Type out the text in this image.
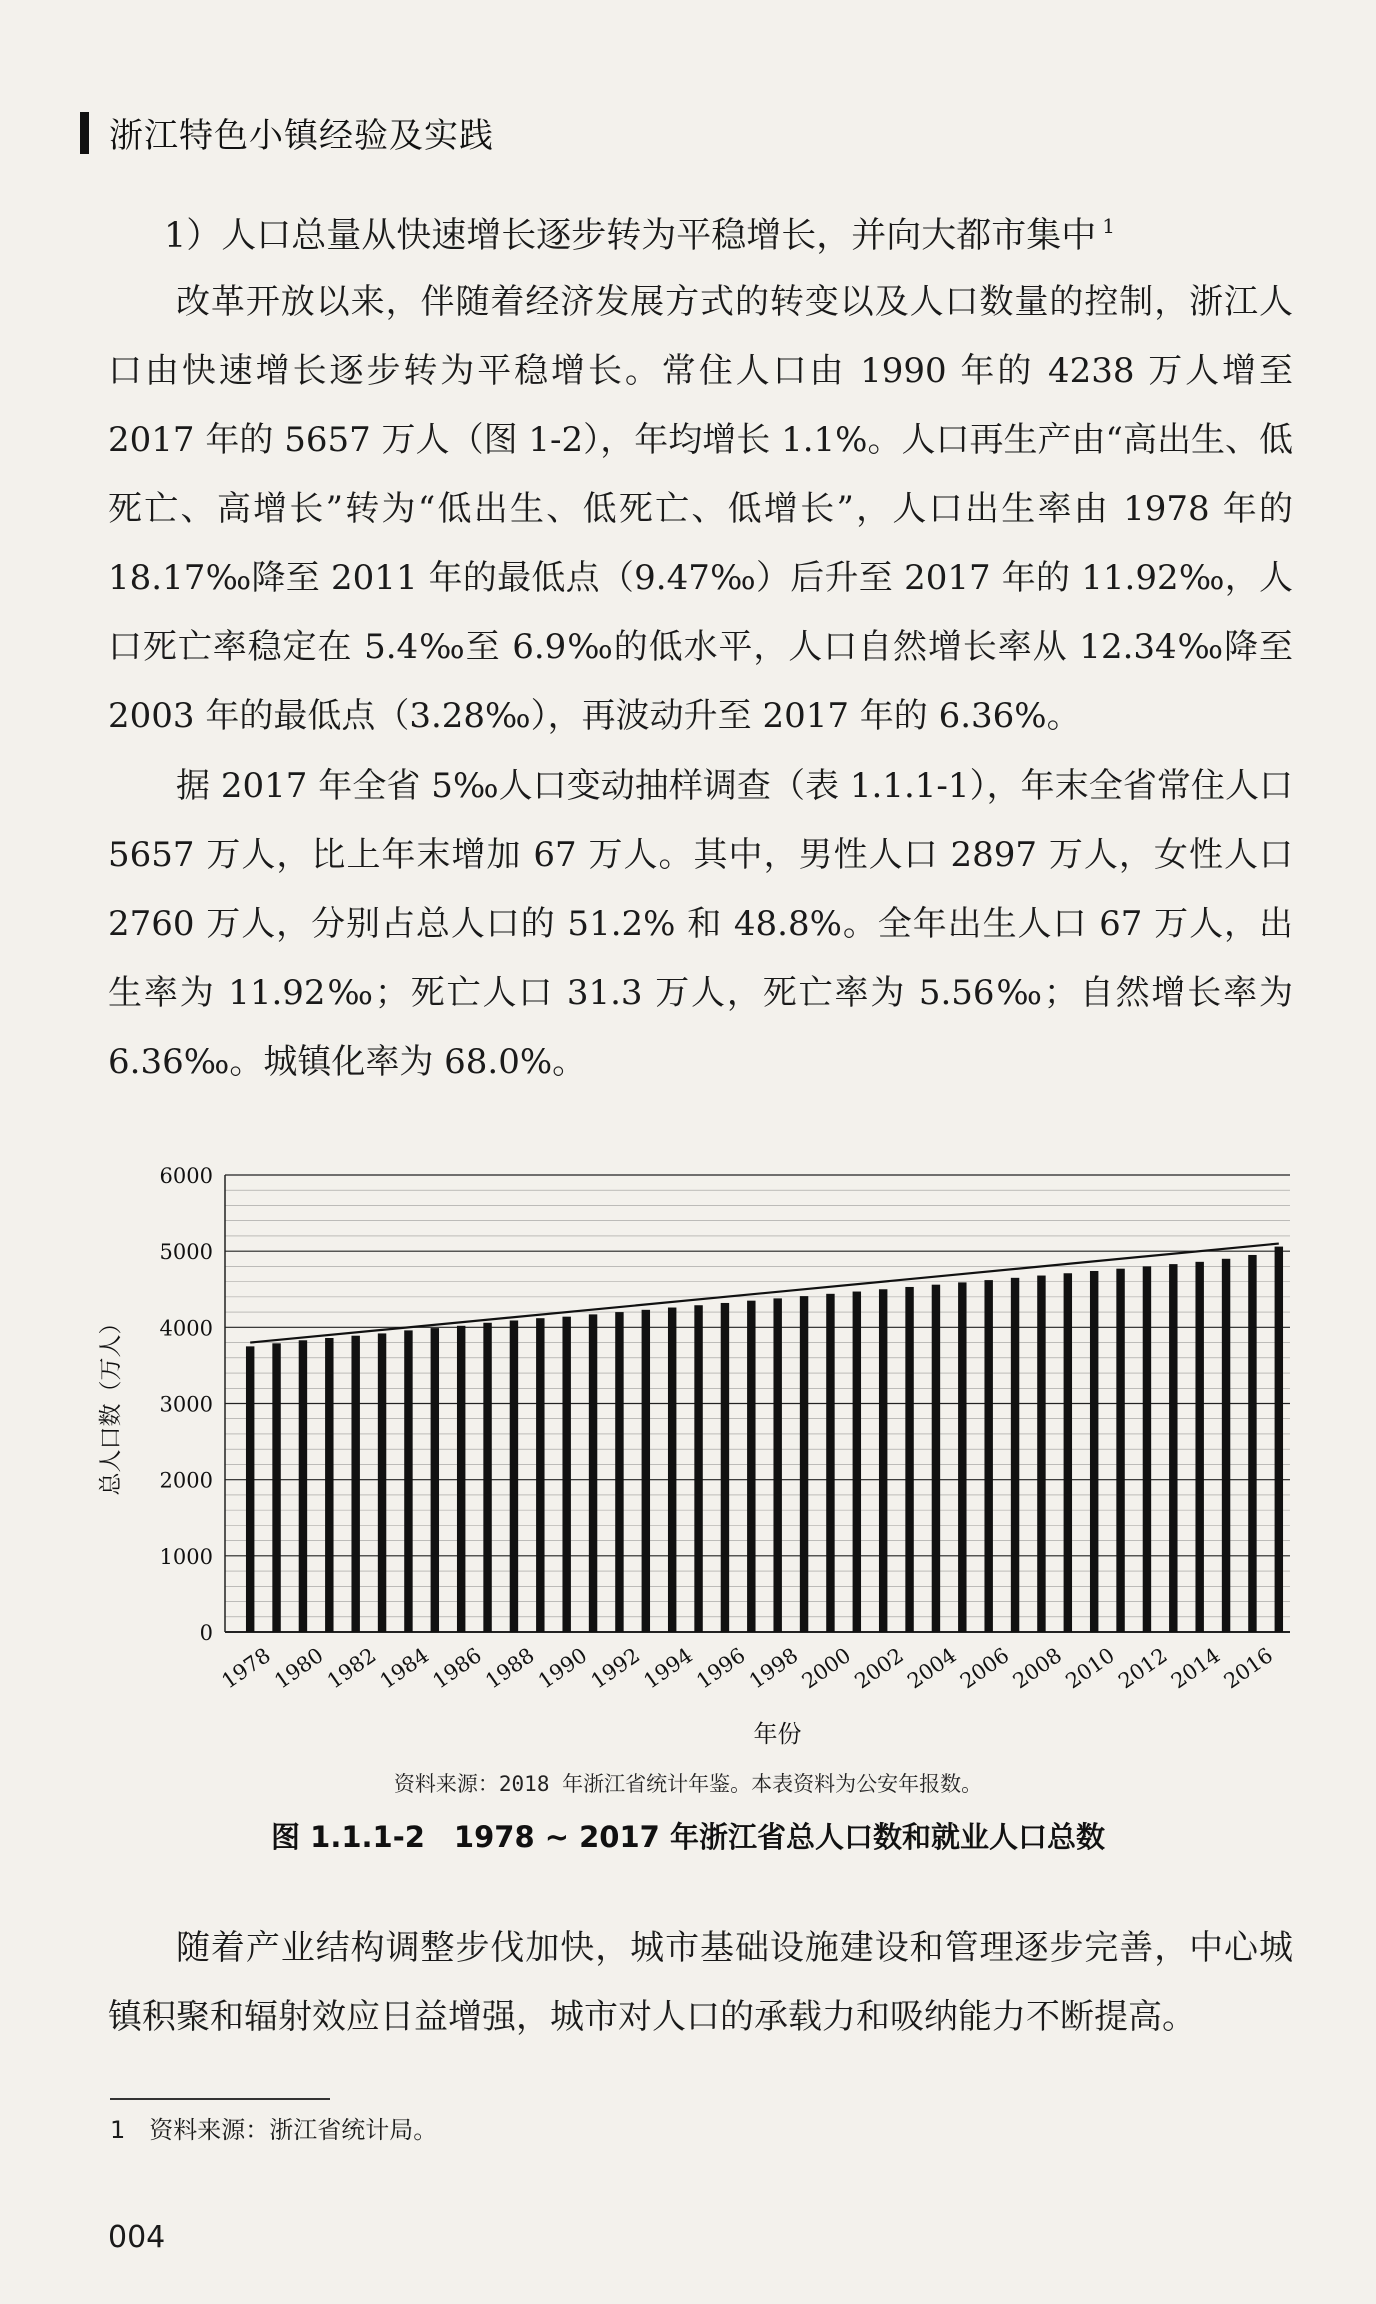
浙江特色小镇经验及实践
1）人口总量从快速增长逐步转为平稳增长，并向大都市集中 $^1$
改革开放以来，伴随着经济发展方式的转变以及人口数量的控制，浙江人口由快速增长逐步转为平稳增长。常住人口由 1990 年的 4238 万人增至 2017 年的 5657 万人（图 1-2），年均增长 1.1%。人口再生产由“高出生、低死亡、高增长”转为“低出生、低死亡、低增长”，人口出生率由 1978 年的 18.17‰降至 2011 年的最低点（9.47‰）后升至 2017 年的 11.92‰，人口死亡率稳定在 5.4‰至 6.9‰的低水平，人口自然增长率从 12.34‰降至 2003 年的最低点（3.28‰），再波动升至 2017 年的 6.36%。
据 2017 年全省 5‰人口变动抽样调查（表 1.1.1-1），年末全省常住人口 5657 万人，比上年末增加 67 万人。其中，男性人口 2897 万人，女性人口 2760 万人，分别占总人口的 51.2% 和 48.8%。全年出生人口 67 万人，出生率为 11.92‰；死亡人口 31.3 万人，死亡率为 5.56‰；自然增长率为 6.36‰。城镇化率为 68.0%。
0
1000
2000
3000
4000
5000
6000
1978
1980
1982
1984
1986
1988
1990
1992
1994
1996
1998
2000
2002
2004
2006
2008
2010
2012
2014
2016
年份
总人口数（万人）
资料来源：2018 年浙江省统计年鉴。本表资料为公安年报数。
图 1.1.1-2　1978 ~ 2017 年浙江省总人口数和就业人口总数
随着产业结构调整步伐加快，城市基础设施建设和管理逐步完善，中心城镇积聚和辐射效应日益增强，城市对人口的承载力和吸纳能力不断提高。
1 资料来源：浙江省统计局。
004
